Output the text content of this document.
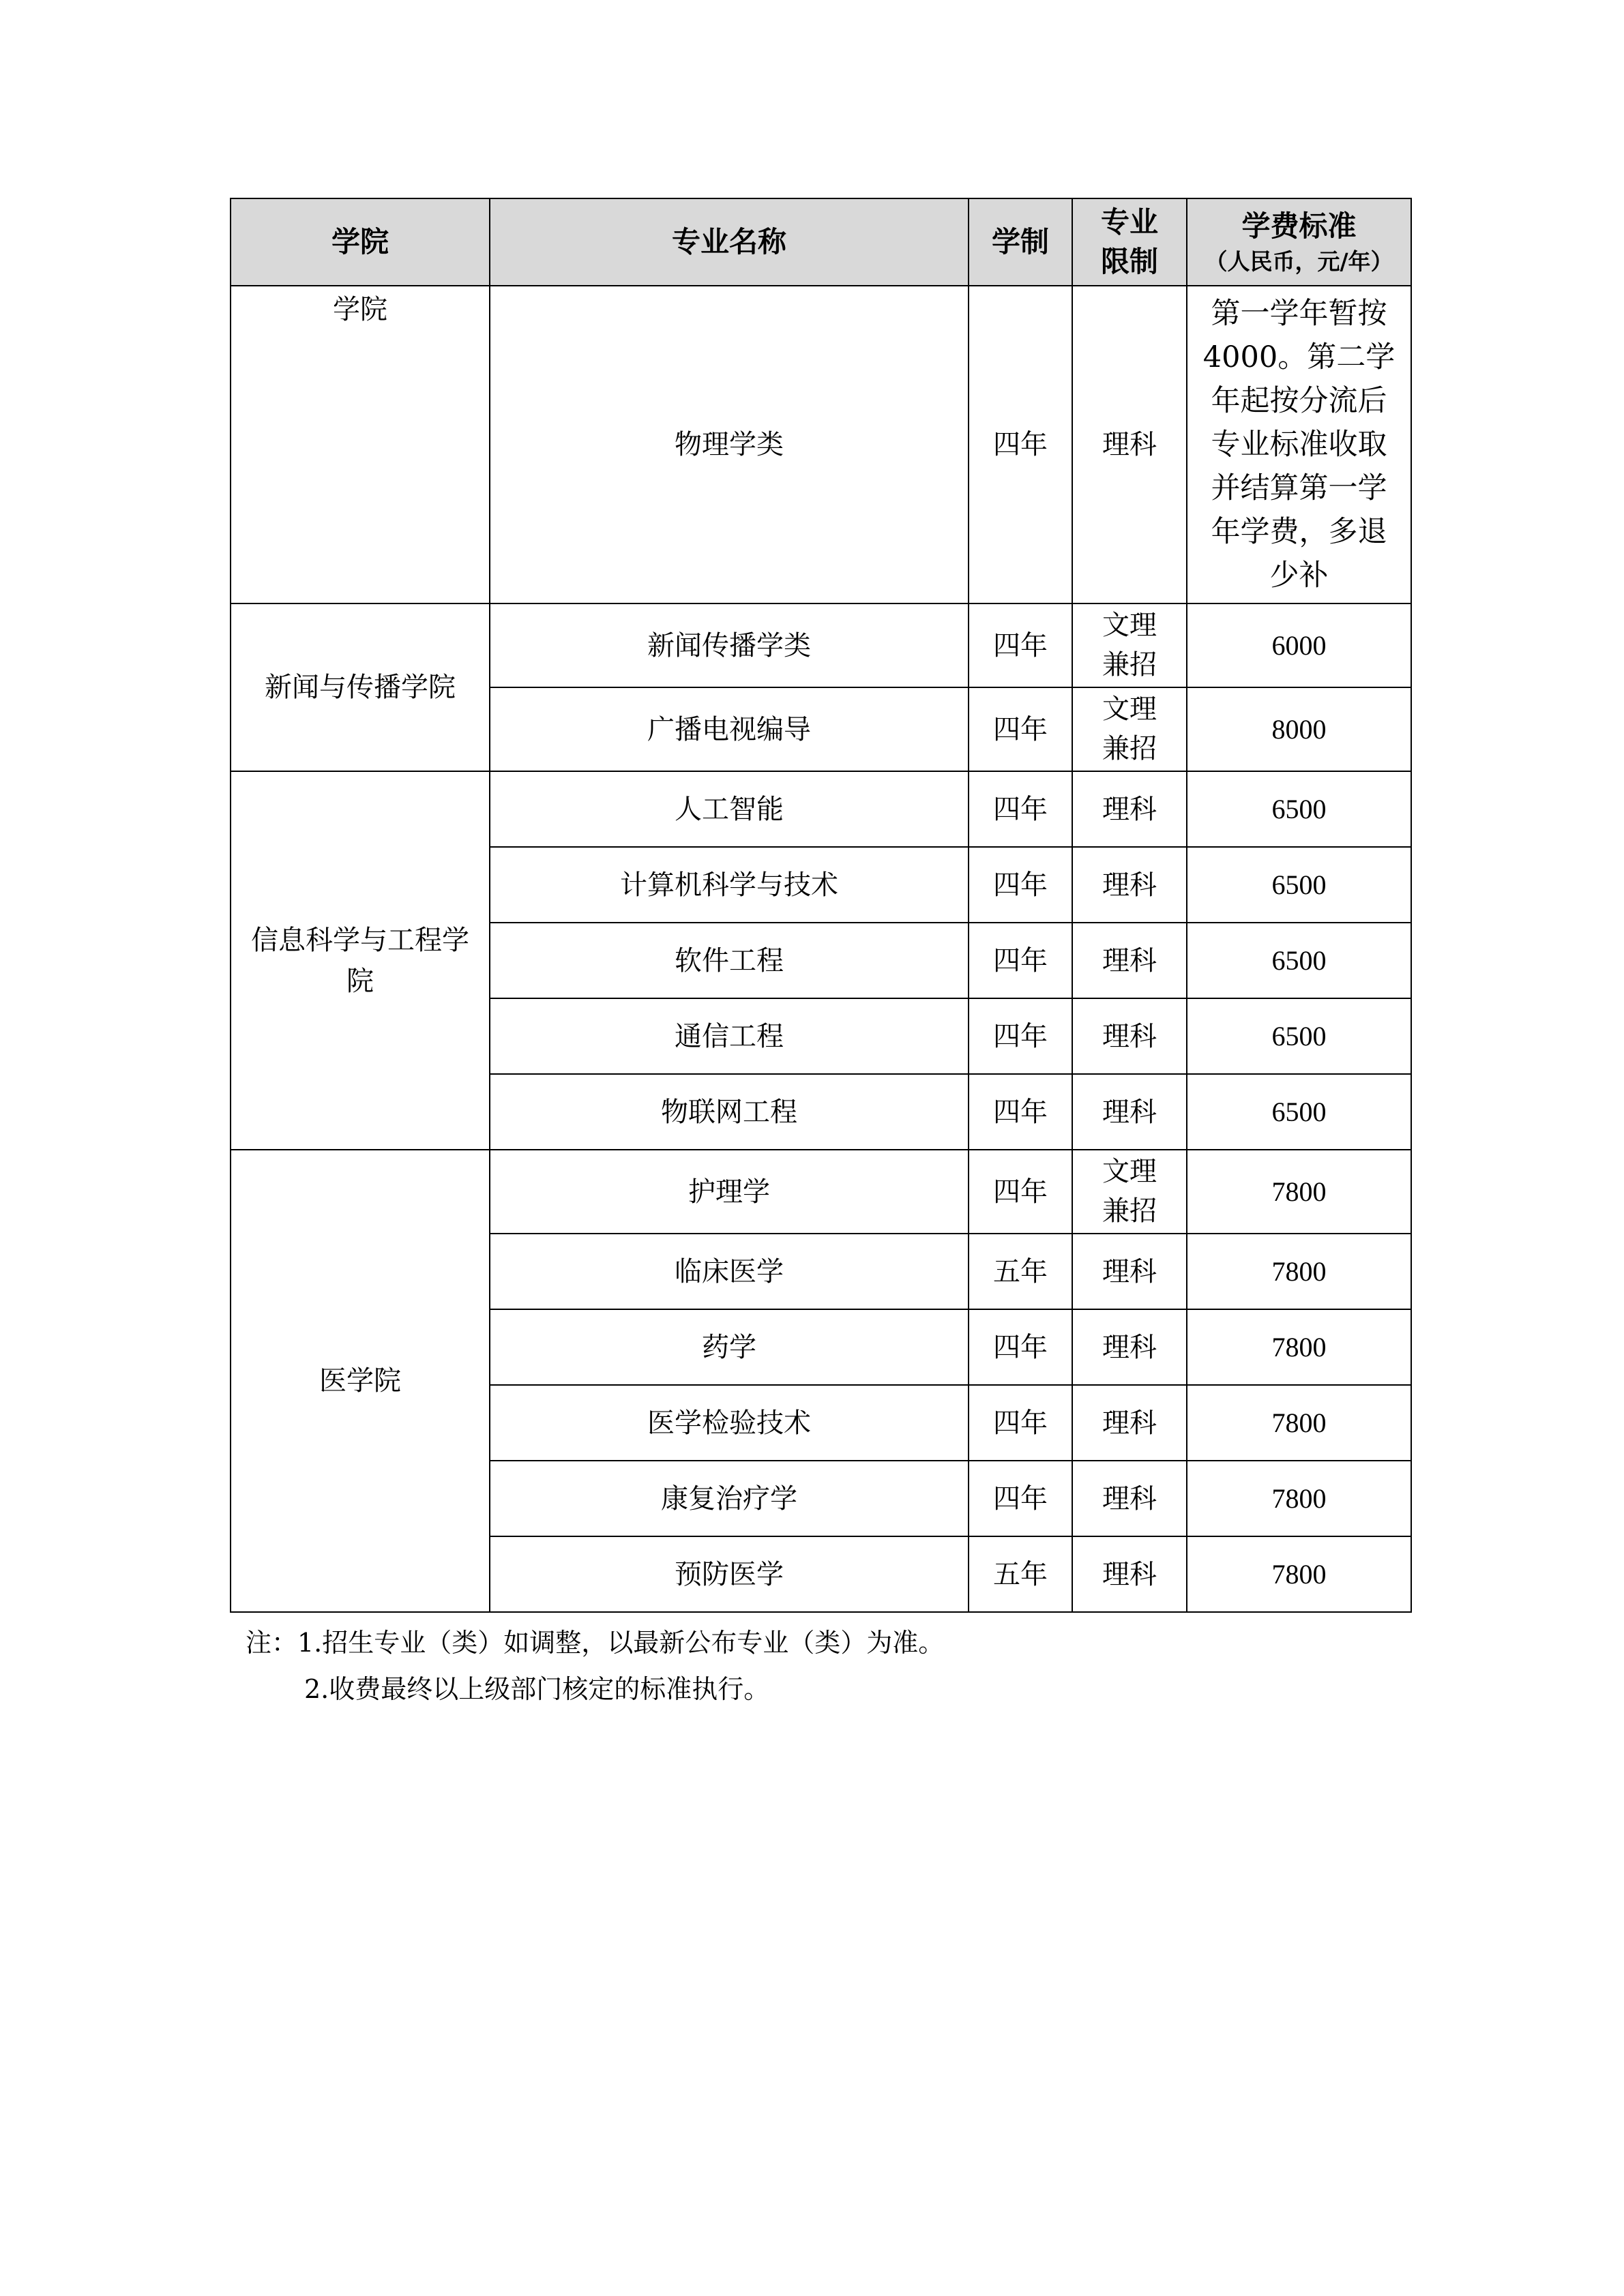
学院	专业名称	学制	专业限制	学费标准
（人民币，元/年）

学院	物理学类	四年	理科	第一学年暂按4000。第二学年起按分流后专业标准收取并结算第一学年学费，多退少补
新闻与传播学院	新闻传播学类	四年	文理兼招	6000
	广播电视编导	四年	文理兼招	8000
信息科学与工程学院	人工智能	四年	理科	6500
	计算机科学与技术	四年	理科	6500
	软件工程	四年	理科	6500
	通信工程	四年	理科	6500
	物联网工程	四年	理科	6500
医学院	护理学	四年	文理兼招	7800
	临床医学	五年	理科	7800
	药学	四年	理科	7800
	医学检验技术	四年	理科	7800
	康复治疗学	四年	理科	7800
	预防医学	五年	理科	7800
注：1.招生专业（类）如调整，以最新公布专业（类）为准。
2.收费最终以上级部门核定的标准执行。
